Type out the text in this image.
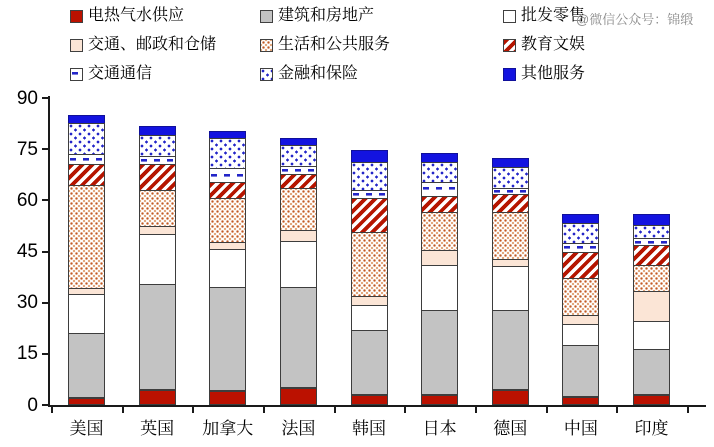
电热气水供应	建筑和房地产	批发零售
交通、邮政和仓储	生活和公共服务	教育文娱
交通通信	金融和保险	其他服务
@微信公众号：锦缎
0
15
30
45
60
75
90
美国	英国	加拿大	法国	韩国	日本	德国	中国	印度
